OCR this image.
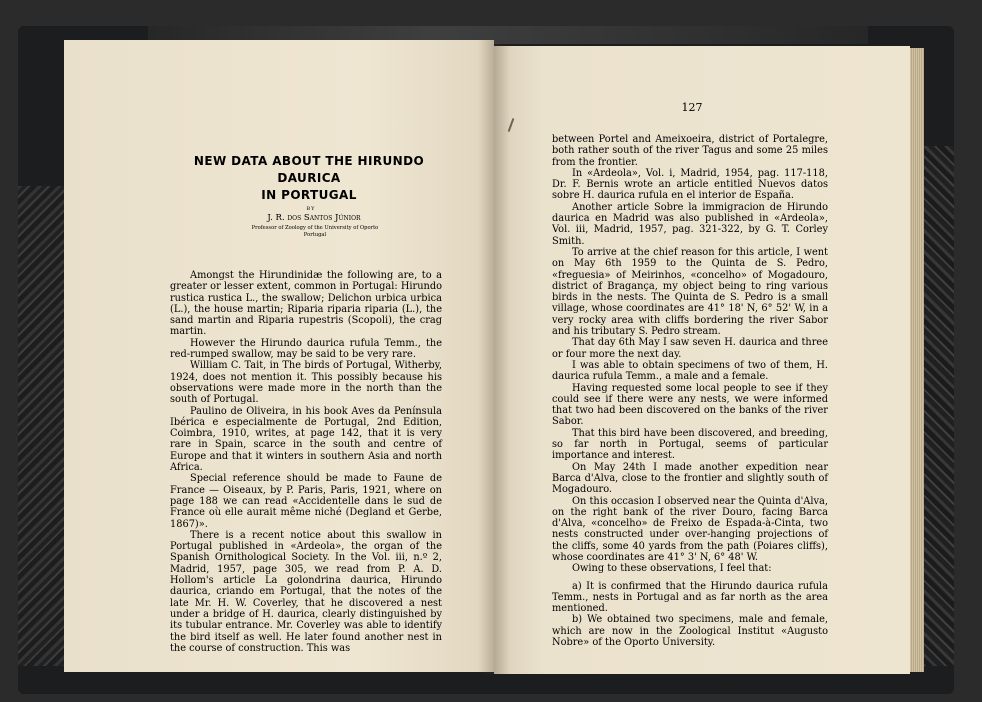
NEW DATA ABOUT THE HIRUNDO DAURICA
IN PORTUGAL
BY
J. R. dos Santos Júnior
Professor of Zoology of the University of Oporto
Portugal

Amongst the Hirundinidæ the following are, to a greater or lesser extent, common in Portugal: Hirundo rustica rustica L., the swallow; Delichon urbica urbica (L.), the house martin; Riparia riparia riparia (L.), the sand martin and Riparia rupestris (Scopoli), the crag martin.

However the Hirundo daurica rufula Temm., the red-rumped swallow, may be said to be very rare.

William C. Tait, in The birds of Portugal, Witherby, 1924, does not mention it. This possibly because his observations were made more in the north than the south of Portugal.

Paulino de Oliveira, in his book Aves da Península Ibérica e especialmente de Portugal, 2nd Edition, Coimbra, 1910, writes, at page 142, that it is very rare in Spain, scarce in the south and centre of Europe and that it winters in southern Asia and north Africa.

Special reference should be made to Faune de France — Oiseaux, by P. Paris, Paris, 1921, where on page 188 we can read «Accidentelle dans le sud de France où elle aurait même niché (Degland et Gerbe, 1867)».

There is a recent notice about this swallow in Portugal published in «Ardeola», the organ of the Spanish Ornithological Society. In the Vol. iii, n.º 2, Madrid, 1957, page 305, we read from P. A. D. Hollom's article La golondrina daurica, Hirundo daurica, criando em Portugal, that the notes of the late Mr. H. W. Coverley, that he discovered a nest under a bridge of H. daurica, clearly distinguished by its tubular entrance. Mr. Coverley was able to identify the bird itself as well. He later found another nest in the course of construction. This was

127

between Portel and Ameixoeira, district of Portalegre, both rather south of the river Tagus and some 25 miles from the frontier.

In «Ardeola», Vol. i, Madrid, 1954, pag. 117-118, Dr. F. Bernis wrote an article entitled Nuevos datos sobre H. daurica rufula en el interior de España.

Another article Sobre la immigracion de Hirundo daurica en Madrid was also published in «Ardeola», Vol. iii, Madrid, 1957, pag. 321-322, by G. T. Corley Smith.

To arrive at the chief reason for this article, I went on May 6th 1959 to the Quinta de S. Pedro, «freguesia» of Meirinhos, «concelho» of Mogadouro, district of Bragança, my object being to ring various birds in the nests. The Quinta de S. Pedro is a small village, whose coordinates are 41° 18' N, 6° 52' W, in a very rocky area with cliffs bordering the river Sabor and his tributary S. Pedro stream.

That day 6th May I saw seven H. daurica and three or four more the next day.

I was able to obtain specimens of two of them, H. daurica rufula Temm., a male and a female.

Having requested some local people to see if they could see if there were any nests, we were informed that two had been discovered on the banks of the river Sabor.

That this bird have been discovered, and breeding, so far north in Portugal, seems of particular importance and interest.

On May 24th I made another expedition near Barca d'Alva, close to the frontier and slightly south of Mogadouro.

On this occasion I observed near the Quinta d'Alva, on the right bank of the river Douro, facing Barca d'Alva, «concelho» de Freixo de Espada-à-Cinta, two nests constructed under over-hanging projections of the cliffs, some 40 yards from the path (Poiares cliffs), whose coordinates are 41° 3' N, 6° 48' W.

Owing to these observations, I feel that:

a) It is confirmed that the Hirundo daurica rufula Temm., nests in Portugal and as far north as the area mentioned.

b) We obtained two specimens, male and female, which are now in the Zoological Institut «Augusto Nobre» of the Oporto University.
